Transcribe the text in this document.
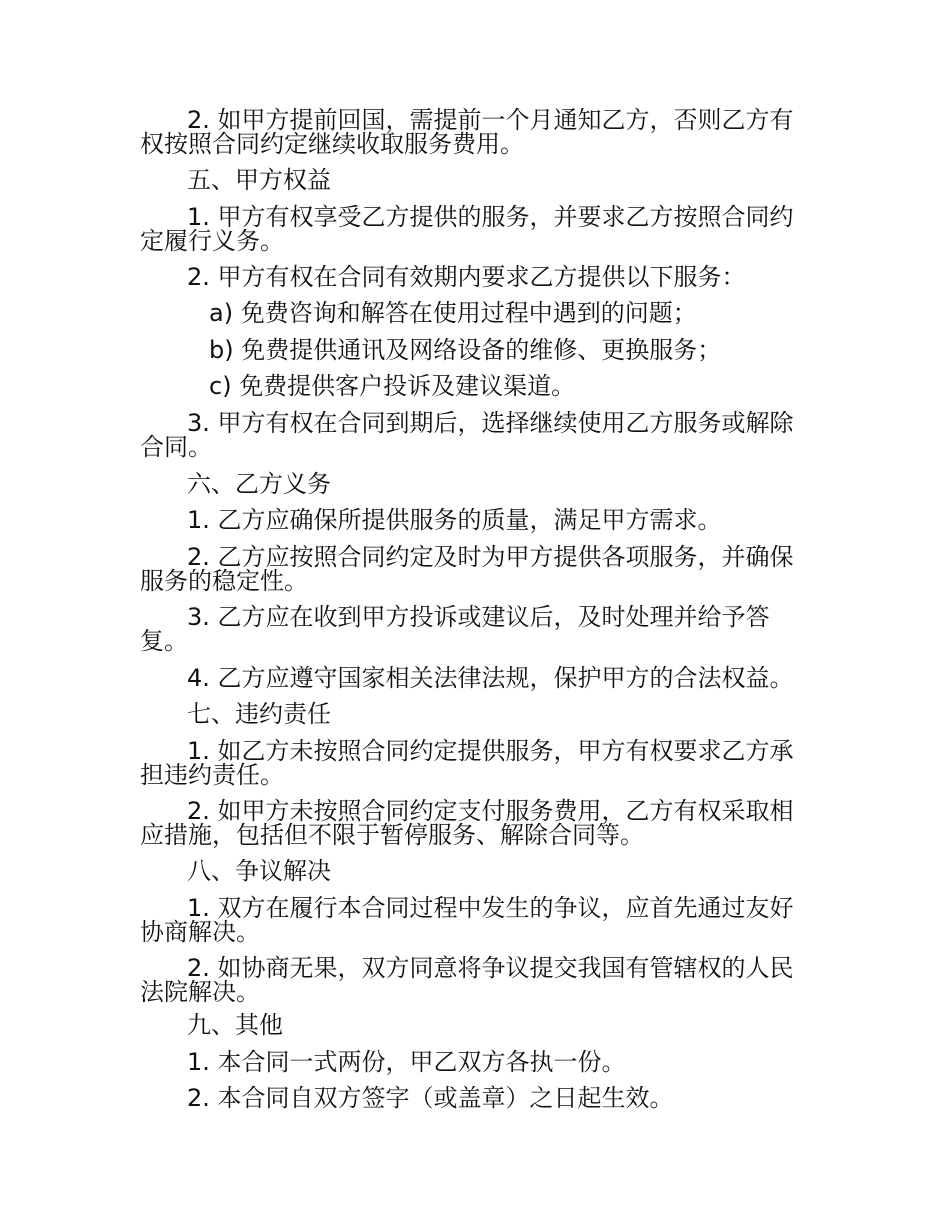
2. 如甲方提前回国，需提前一个月通知乙方，否则乙方有
权按照合同约定继续收取服务费用。
五、甲方权益
1. 甲方有权享受乙方提供的服务，并要求乙方按照合同约
定履行义务。
2. 甲方有权在合同有效期内要求乙方提供以下服务：
a) 免费咨询和解答在使用过程中遇到的问题；
b) 免费提供通讯及网络设备的维修、更换服务；
c) 免费提供客户投诉及建议渠道。
3. 甲方有权在合同到期后，选择继续使用乙方服务或解除
合同。
六、乙方义务
1. 乙方应确保所提供服务的质量，满足甲方需求。
2. 乙方应按照合同约定及时为甲方提供各项服务，并确保
服务的稳定性。
3. 乙方应在收到甲方投诉或建议后，及时处理并给予答
复。
4. 乙方应遵守国家相关法律法规，保护甲方的合法权益。
七、违约责任
1. 如乙方未按照合同约定提供服务，甲方有权要求乙方承
担违约责任。
2. 如甲方未按照合同约定支付服务费用，乙方有权采取相
应措施，包括但不限于暂停服务、解除合同等。
八、争议解决
1. 双方在履行本合同过程中发生的争议，应首先通过友好
协商解决。
2. 如协商无果，双方同意将争议提交我国有管辖权的人民
法院解决。
九、其他
1. 本合同一式两份，甲乙双方各执一份。
2. 本合同自双方签字（或盖章）之日起生效。
